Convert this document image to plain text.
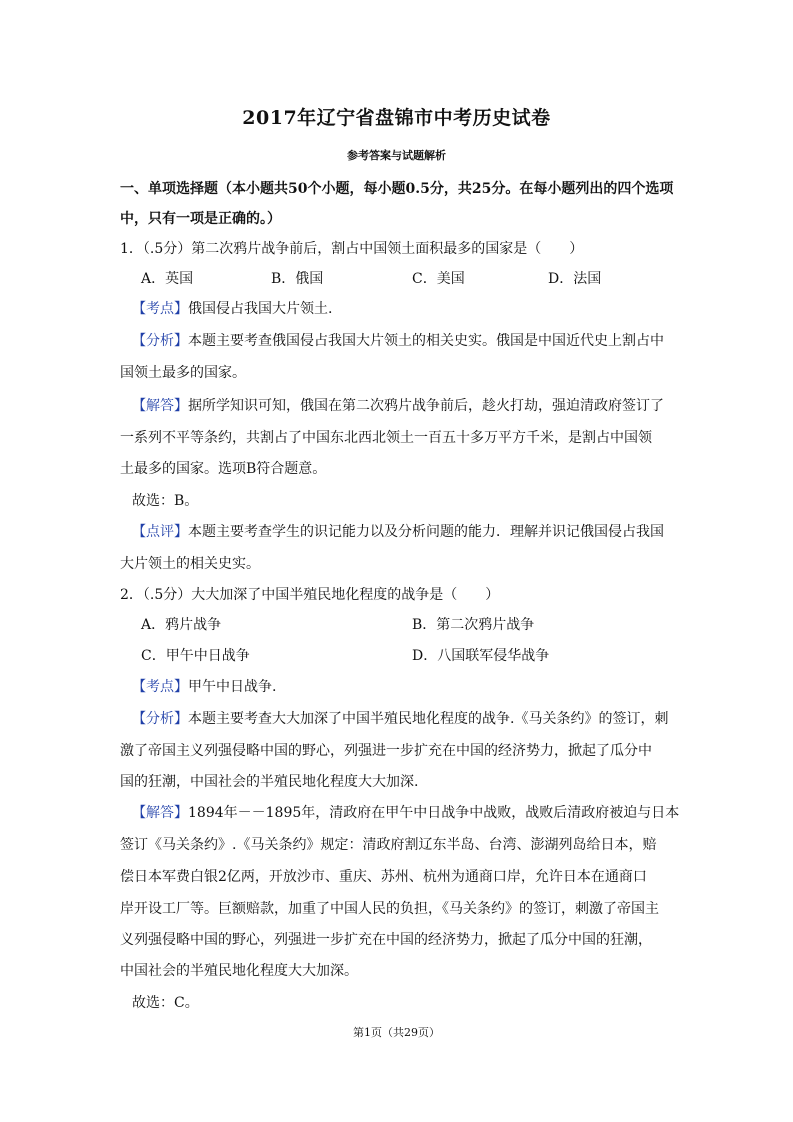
2017年辽宁省盘锦市中考历史试卷
参考答案与试题解析
一、单项选择题（本小题共50个小题，每小题0.5分，共25分。在每小题列出的四个选项
中，只有一项是正确的。）
1．（.5分）第二次鸦片战争前后，割占中国领土面积最多的国家是（　　）
A．英国	B．俄国	C．美国	D．法国
【考点】俄国侵占我国大片领土.
【分析】本题主要考查俄国侵占我国大片领土的相关史实。俄国是中国近代史上割占中
国领土最多的国家。
【解答】据所学知识可知，俄国在第二次鸦片战争前后，趁火打劫，强迫清政府签订了
一系列不平等条约，共割占了中国东北西北领土一百五十多万平方千米，是割占中国领
土最多的国家。选项B符合题意。
故选：B。
【点评】本题主要考查学生的识记能力以及分析问题的能力．理解并识记俄国侵占我国
大片领土的相关史实。
2．（.5分）大大加深了中国半殖民地化程度的战争是（　　）
A．鸦片战争	B．第二次鸦片战争
C．甲午中日战争	D．八国联军侵华战争
【考点】甲午中日战争.
【分析】本题主要考查大大加深了中国半殖民地化程度的战争.《马关条约》的签订，刺
激了帝国主义列强侵略中国的野心，列强进一步扩充在中国的经济势力，掀起了瓜分中
国的狂潮，中国社会的半殖民地化程度大大加深.
【解答】1894年－－1895年，清政府在甲午中日战争中战败，战败后清政府被迫与日本
签订《马关条约》.《马关条约》规定：清政府割辽东半岛、台湾、澎湖列岛给日本，赔
偿日本军费白银2亿两，开放沙市、重庆、苏州、杭州为通商口岸，允许日本在通商口
岸开设工厂等。巨额赔款，加重了中国人民的负担，《马关条约》的签订，刺激了帝国主
义列强侵略中国的野心，列强进一步扩充在中国的经济势力，掀起了瓜分中国的狂潮，
中国社会的半殖民地化程度大大加深。
故选：C。
第1页（共29页）
